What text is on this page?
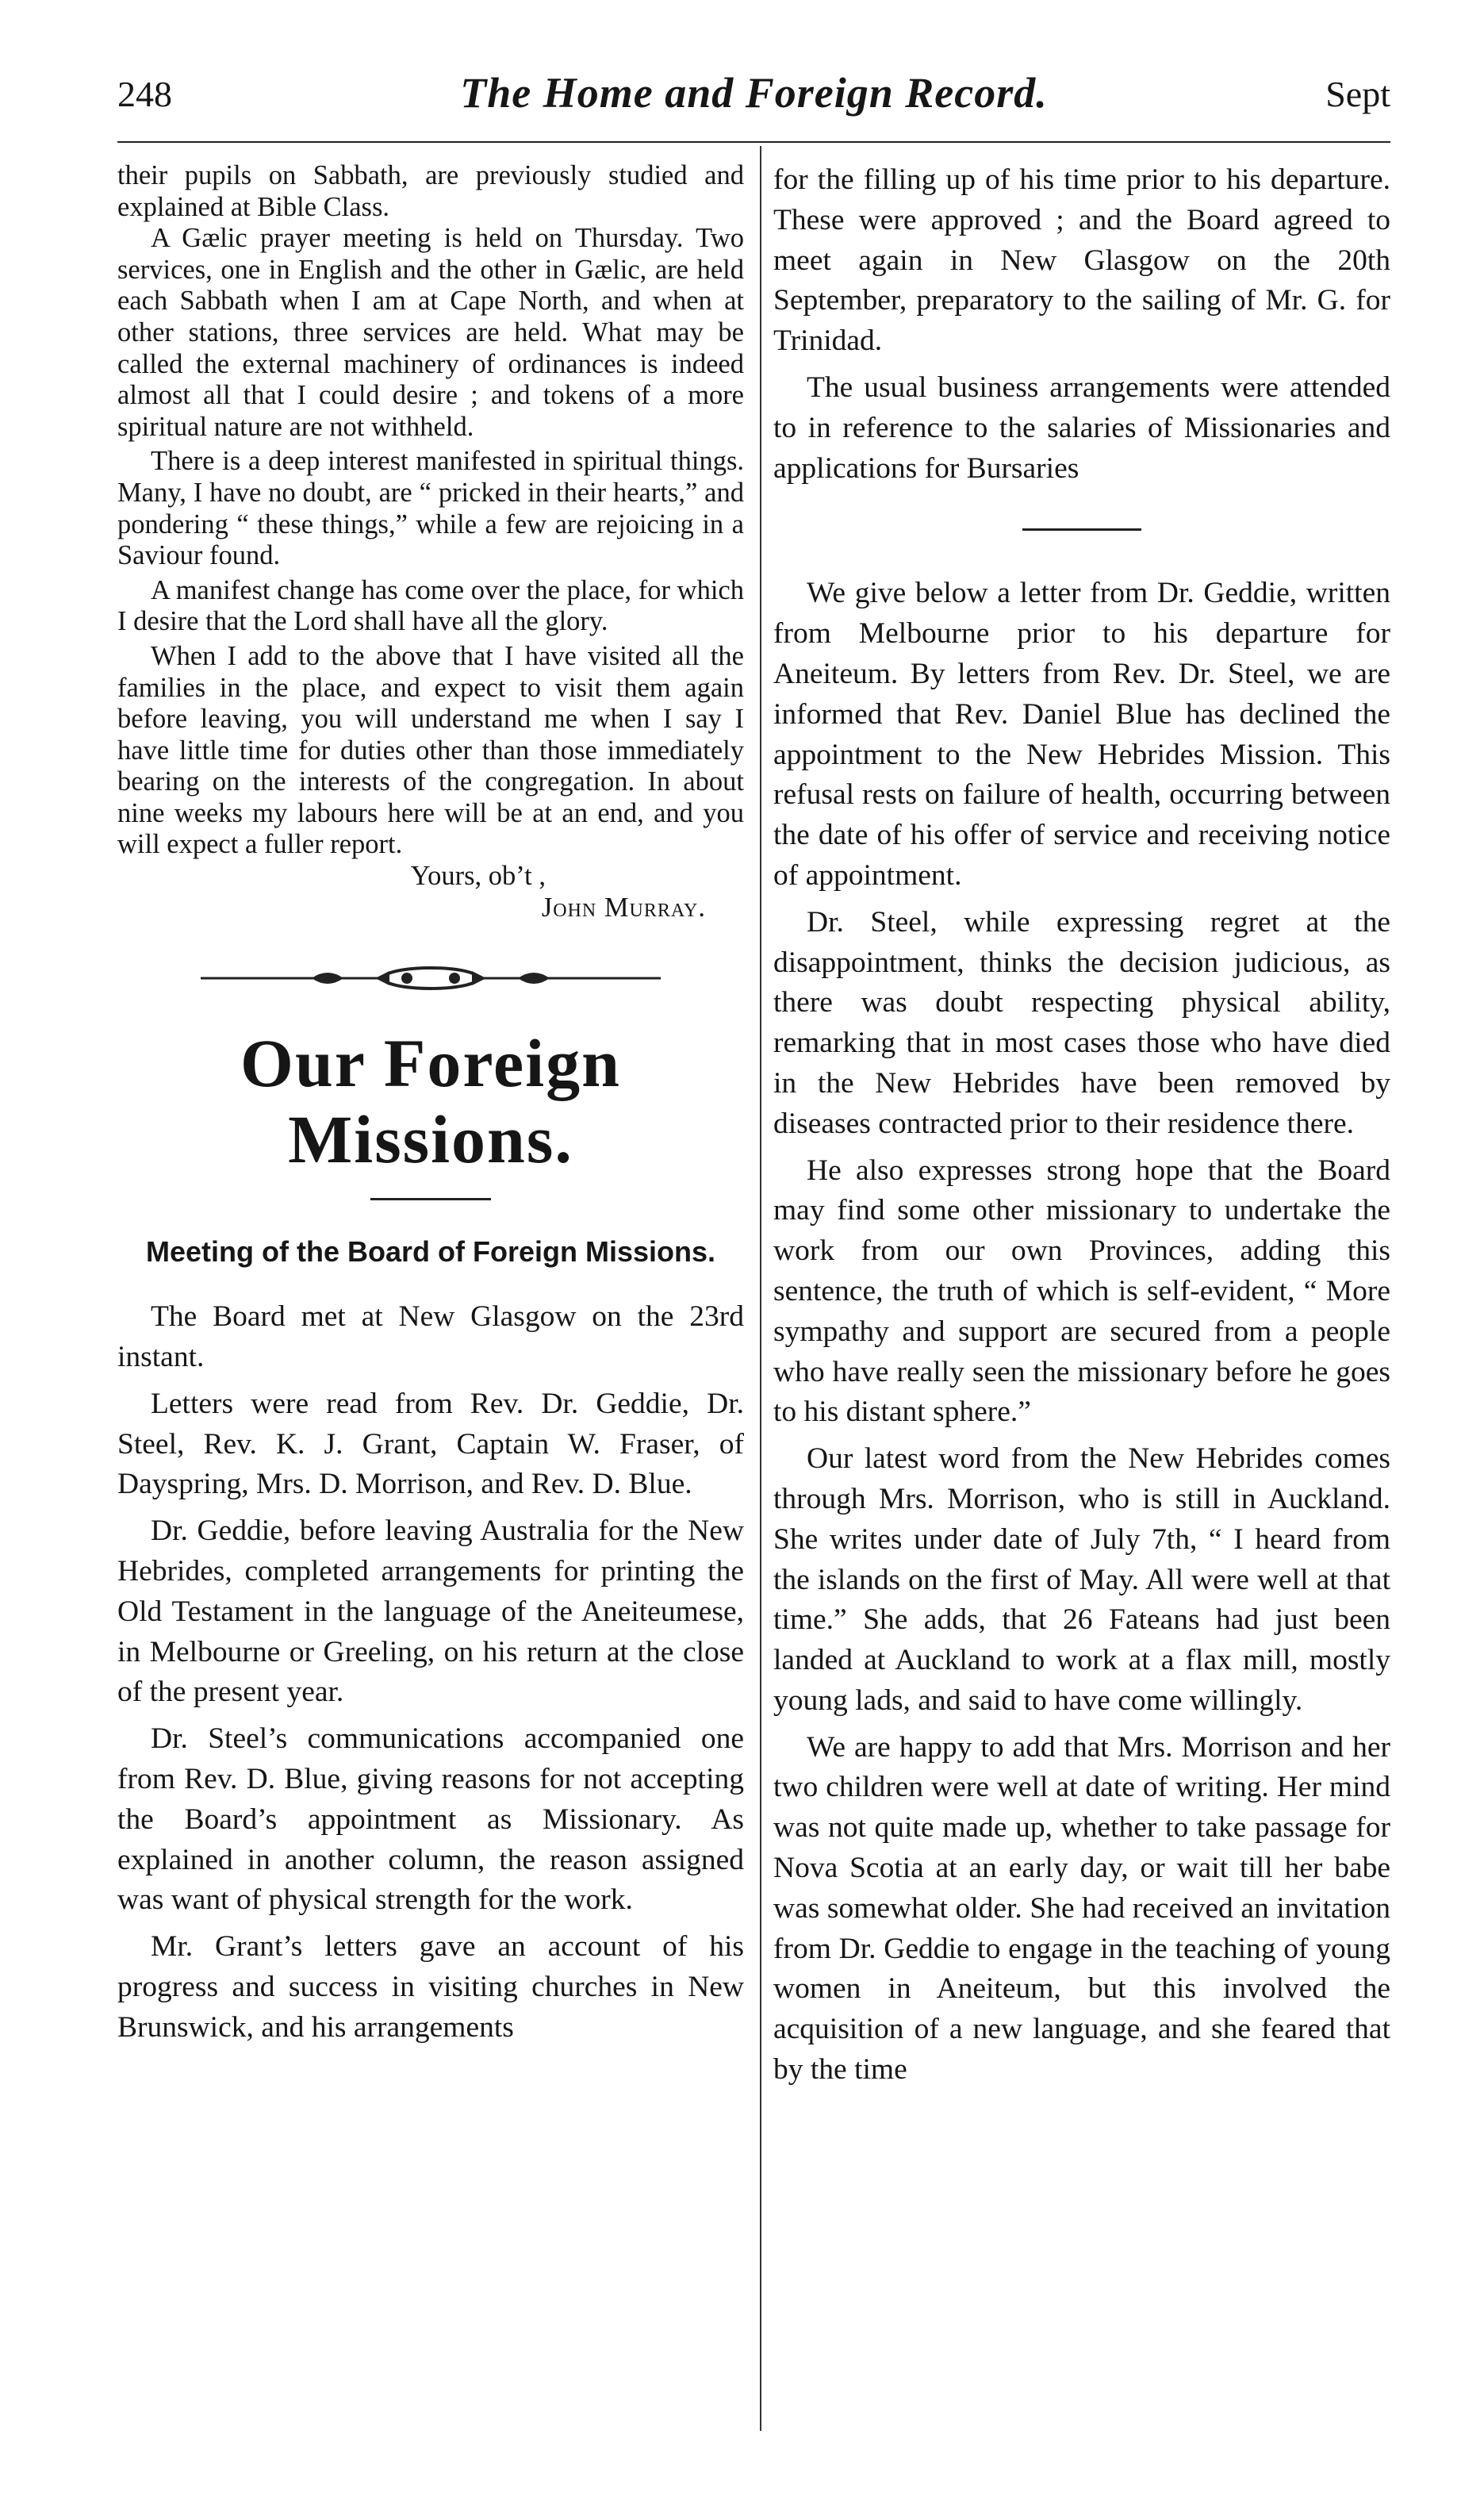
248	The Home and Foreign Record.	Sept

their pupils on Sabbath, are previously studied and explained at Bible Class.

A Gælic prayer meeting is held on Thursday. Two services, one in English and the other in Gælic, are held each Sabbath when I am at Cape North, and when at other stations, three services are held. What may be called the external machinery of ordinances is indeed almost all that I could desire ; and tokens of a more spiritual nature are not withheld.

There is a deep interest manifested in spiritual things. Many, I have no doubt, are “ pricked in their hearts,” and pondering “ these things,” while a few are rejoicing in a Saviour found.

A manifest change has come over the place, for which I desire that the Lord shall have all the glory.

When I add to the above that I have visited all the families in the place, and expect to visit them again before leaving, you will understand me when I say I have little time for duties other than those immediately bearing on the interests of the congregation. In about nine weeks my labours here will be at an end, and you will expect a fuller report.

Yours, ob’t ,
John Murray.
Our Foreign Missions.
Meeting of the Board of Foreign Missions.

The Board met at New Glasgow on the 23rd instant.

Letters were read from Rev. Dr. Geddie, Dr. Steel, Rev. K. J. Grant, Captain W. Fraser, of Dayspring, Mrs. D. Morrison, and Rev. D. Blue.

Dr. Geddie, before leaving Australia for the New Hebrides, completed arrangements for printing the Old Testament in the language of the Aneiteumese, in Melbourne or Greeling, on his return at the close of the present year.

Dr. Steel’s communications accompanied one from Rev. D. Blue, giving reasons for not accepting the Board’s appointment as Missionary. As explained in another column, the reason assigned was want of physical strength for the work.

Mr. Grant’s letters gave an account of his progress and success in visiting churches in New Brunswick, and his arrangements

for the filling up of his time prior to his departure. These were approved ; and the Board agreed to meet again in New Glasgow on the 20th September, preparatory to the sailing of Mr. G. for Trinidad.

The usual business arrangements were attended to in reference to the salaries of Missionaries and applications for Bursaries

We give below a letter from Dr. Geddie, written from Melbourne prior to his departure for Aneiteum. By letters from Rev. Dr. Steel, we are informed that Rev. Daniel Blue has declined the appointment to the New Hebrides Mission. This refusal rests on failure of health, occurring between the date of his offer of service and receiving notice of appointment.

Dr. Steel, while expressing regret at the disappointment, thinks the decision judicious, as there was doubt respecting physical ability, remarking that in most cases those who have died in the New Hebrides have been removed by diseases contracted prior to their residence there.

He also expresses strong hope that the Board may find some other missionary to undertake the work from our own Provinces, adding this sentence, the truth of which is self-evident, “ More sympathy and support are secured from a people who have really seen the missionary before he goes to his distant sphere.”

Our latest word from the New Hebrides comes through Mrs. Morrison, who is still in Auckland. She writes under date of July 7th, “ I heard from the islands on the first of May. All were well at that time.” She adds, that 26 Fateans had just been landed at Auckland to work at a flax mill, mostly young lads, and said to have come willingly.

We are happy to add that Mrs. Morrison and her two children were well at date of writing. Her mind was not quite made up, whether to take passage for Nova Scotia at an early day, or wait till her babe was somewhat older. She had received an invitation from Dr. Geddie to engage in the teaching of young women in Aneiteum, but this involved the acquisition of a new language, and she feared that by the time
